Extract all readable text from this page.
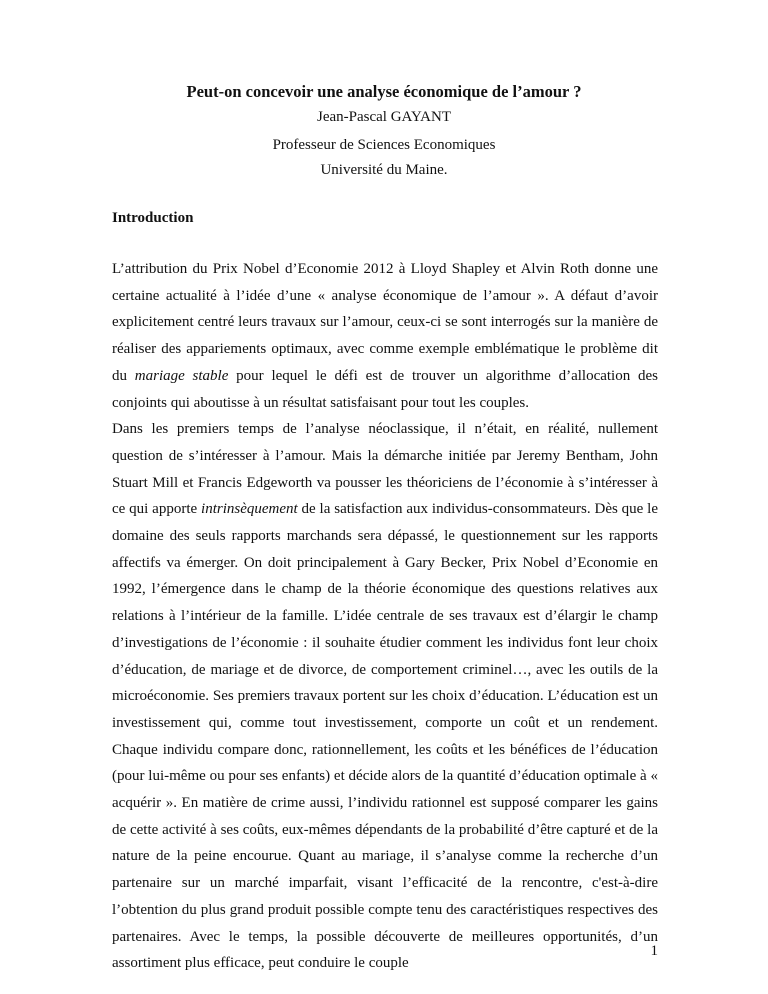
Peut-on concevoir une analyse économique de l’amour ?
Jean-Pascal GAYANT
Professeur de Sciences Economiques
Université du Maine.
Introduction

L’attribution du Prix Nobel d’Economie 2012 à Lloyd Shapley et Alvin Roth donne une certaine actualité à l’idée d’une « analyse économique de l’amour ». A défaut d’avoir explicitement centré leurs travaux sur l’amour, ceux-ci se sont interrogés sur la manière de réaliser des appariements optimaux, avec comme exemple emblématique le problème dit du mariage stable pour lequel le défi est de trouver un algorithme d’allocation des conjoints qui aboutisse à un résultat satisfaisant pour tout les couples.

Dans les premiers temps de l’analyse néoclassique, il n’était, en réalité, nullement question de s’intéresser à l’amour. Mais la démarche initiée par Jeremy Bentham, John Stuart Mill et Francis Edgeworth va pousser les théoriciens de l’économie à s’intéresser à ce qui apporte intrinsèquement de la satisfaction aux individus-consommateurs. Dès que le domaine des seuls rapports marchands sera dépassé, le questionnement sur les rapports affectifs va émerger. On doit principalement à Gary Becker, Prix Nobel d’Economie en 1992, l’émergence dans le champ de la théorie économique des questions relatives aux relations à l’intérieur de la famille. L’idée centrale de ses travaux est d’élargir le champ d’investigations de l’économie : il souhaite étudier comment les individus font leur choix d’éducation, de mariage et de divorce, de comportement criminel…, avec les outils de la microéconomie. Ses premiers travaux portent sur les choix d’éducation. L’éducation est un investissement qui, comme tout investissement, comporte un coût et un rendement. Chaque individu compare donc, rationnellement, les coûts et les bénéfices de l’éducation (pour lui-même ou pour ses enfants) et décide alors de la quantité d’éducation optimale à « acquérir ». En matière de crime aussi, l’individu rationnel est supposé comparer les gains de cette activité à ses coûts, eux-mêmes dépendants de la probabilité d’être capturé et de la nature de la peine encourue. Quant au mariage, il s’analyse comme la recherche d’un partenaire sur un marché imparfait, visant l’efficacité de la rencontre, c'est-à-dire l’obtention du plus grand produit possible compte tenu des caractéristiques respectives des partenaires. Avec le temps, la possible découverte de meilleures opportunités, d’un assortiment plus efficace, peut conduire le couple

1
